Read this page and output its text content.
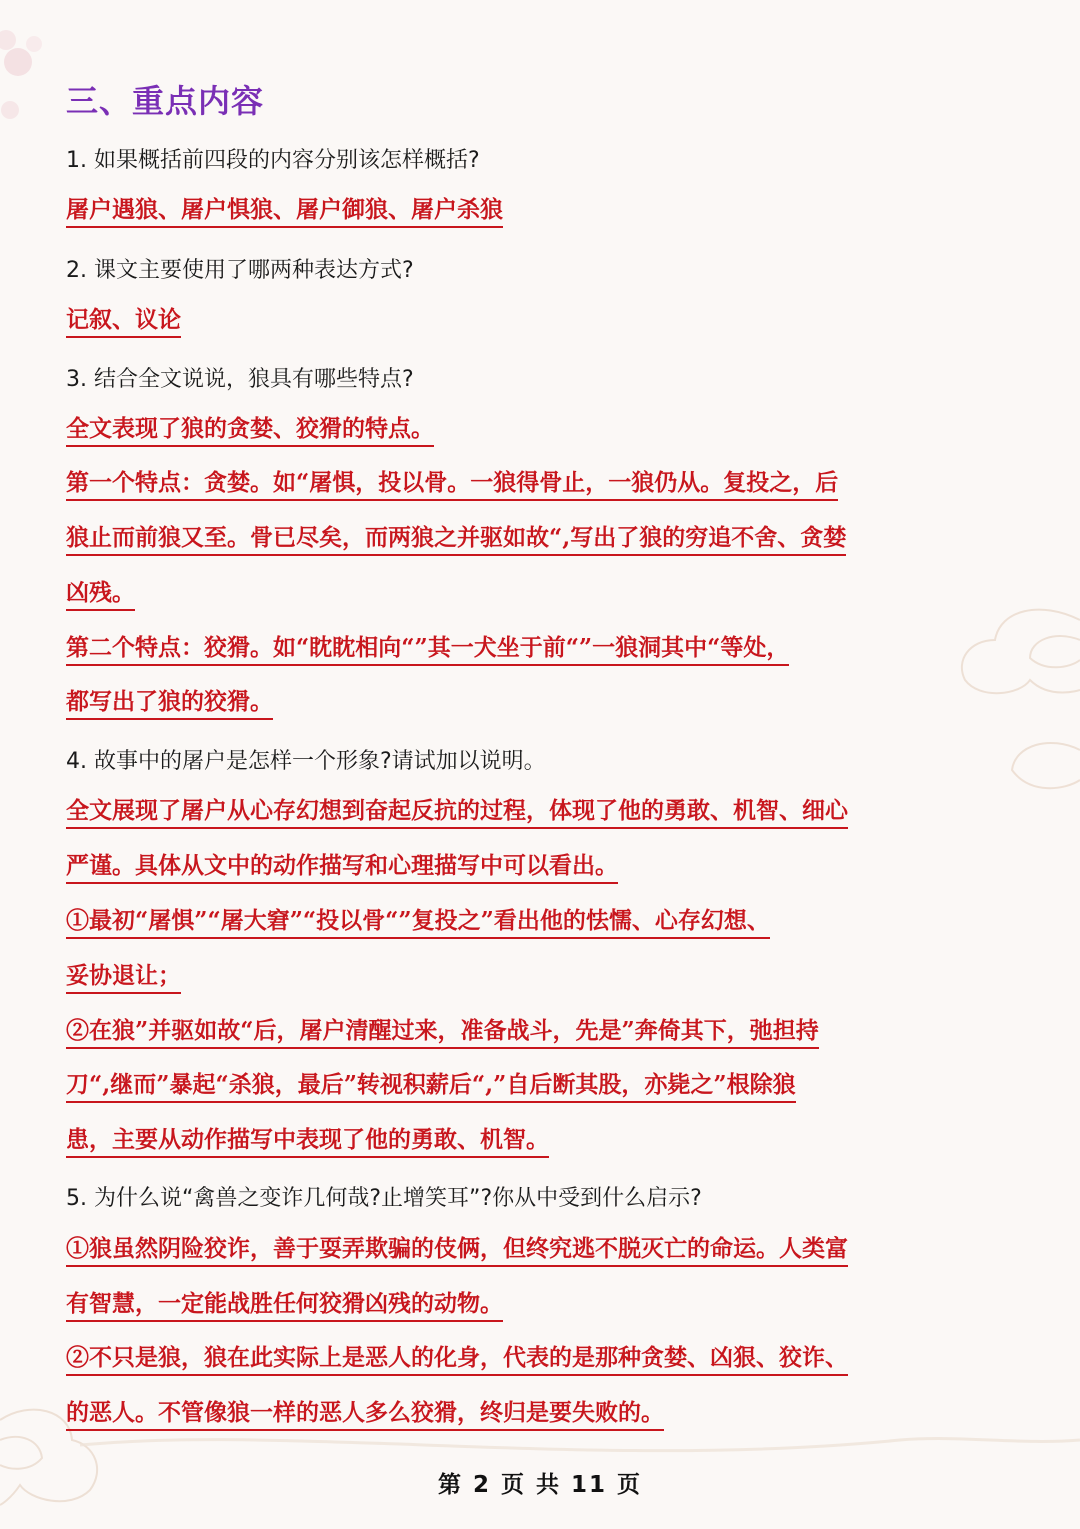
三、重点内容
1. 如果概括前四段的内容分别该怎样概括?
屠户遇狼、屠户惧狼、屠户御狼、屠户杀狼
2. 课文主要使用了哪两种表达方式?
记叙、议论
3. 结合全文说说，狼具有哪些特点?
全文表现了狼的贪婪、狡猾的特点。
第一个特点：贪婪。如“屠惧，投以骨。一狼得骨止，一狼仍从。复投之，后
狼止而前狼又至。骨已尽矣，而两狼之并驱如故“,写出了狼的穷追不舍、贪婪
凶残。
第二个特点：狡猾。如“眈眈相向“”其一犬坐于前“”一狼洞其中“等处，
都写出了狼的狡猾。
4. 故事中的屠户是怎样一个形象?请试加以说明。
全文展现了屠户从心存幻想到奋起反抗的过程，体现了他的勇敢、机智、细心
严谨。具体从文中的动作描写和心理描写中可以看出。
①最初“屠惧”“屠大窘”“投以骨“”复投之”看出他的怯懦、心存幻想、
妥协退让；
②在狼”并驱如故“后，屠户清醒过来，准备战斗，先是”奔倚其下，弛担持
刀“,继而”暴起“杀狼，最后”转视积薪后“,”自后断其股，亦毙之”根除狼
患，主要从动作描写中表现了他的勇敢、机智。
5. 为什么说“禽兽之变诈几何哉?止增笑耳”?你从中受到什么启示?
①狼虽然阴险狡诈，善于耍弄欺骗的伎俩，但终究逃不脱灭亡的命运。人类富
有智慧，一定能战胜任何狡猾凶残的动物。
②不只是狼，狼在此实际上是恶人的化身，代表的是那种贪婪、凶狠、狡诈、
的恶人。不管像狼一样的恶人多么狡猾，终归是要失败的。
第 2 页 共 11 页
